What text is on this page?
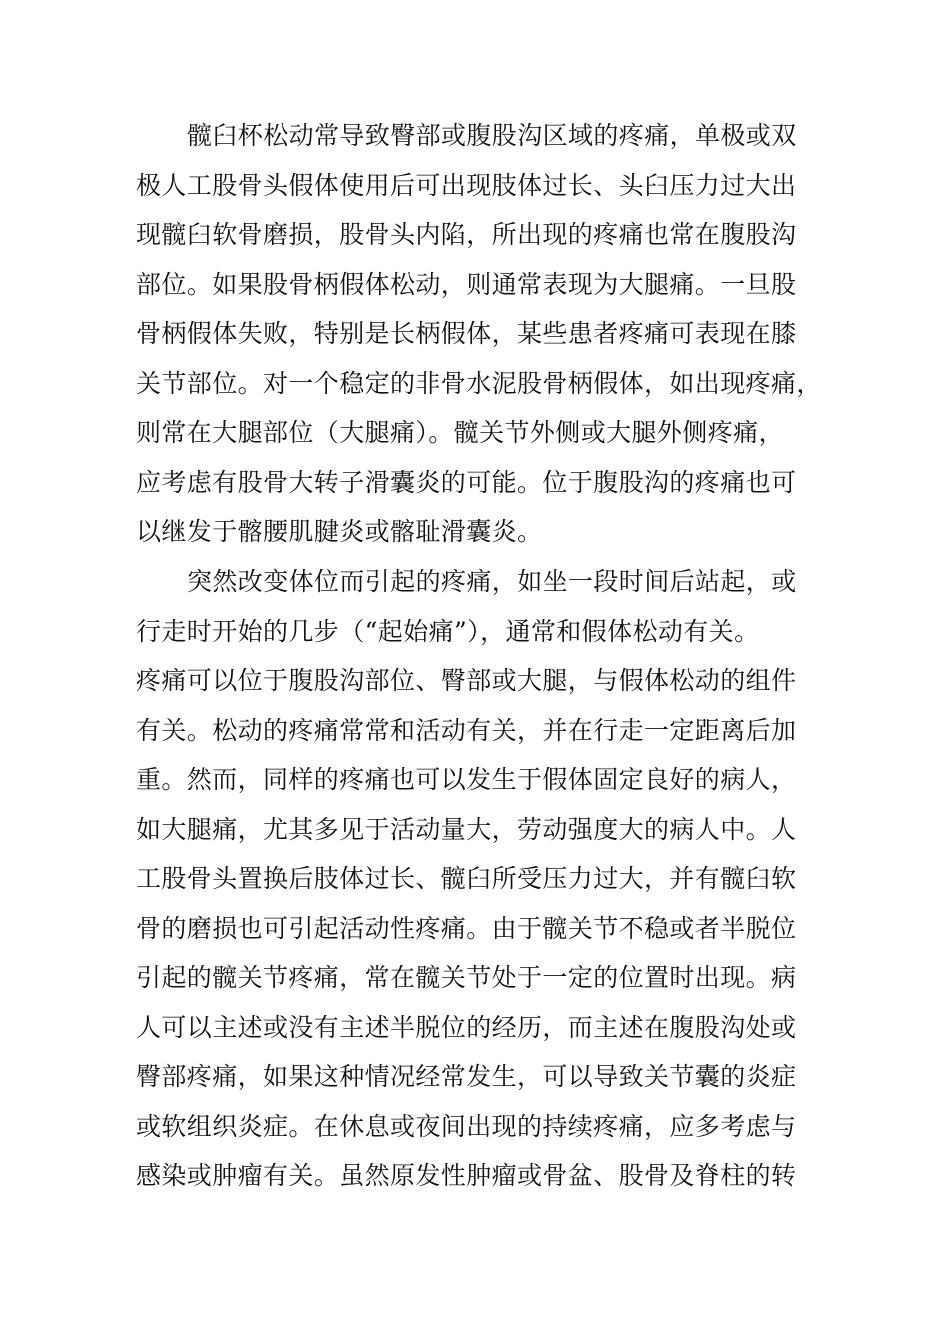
髋臼杯松动常导致臀部或腹股沟区域的疼痛，单极或双
极人工股骨头假体使用后可出现肢体过长、头臼压力过大出
现髋臼软骨磨损，股骨头内陷，所出现的疼痛也常在腹股沟
部位。如果股骨柄假体松动，则通常表现为大腿痛。一旦股
骨柄假体失败，特别是长柄假体，某些患者疼痛可表现在膝
关节部位。对一个稳定的非骨水泥股骨柄假体，如出现疼痛，
则常在大腿部位（大腿痛）。髋关节外侧或大腿外侧疼痛，
应考虑有股骨大转子滑囊炎的可能。位于腹股沟的疼痛也可
以继发于髂腰肌腱炎或髂耻滑囊炎。
突然改变体位而引起的疼痛，如坐一段时间后站起，或
行走时开始的几步（“起始痛”），通常和假体松动有关。
疼痛可以位于腹股沟部位、臀部或大腿，与假体松动的组件
有关。松动的疼痛常常和活动有关，并在行走一定距离后加
重。然而，同样的疼痛也可以发生于假体固定良好的病人，
如大腿痛，尤其多见于活动量大，劳动强度大的病人中。人
工股骨头置换后肢体过长、髋臼所受压力过大，并有髋臼软
骨的磨损也可引起活动性疼痛。由于髋关节不稳或者半脱位
引起的髋关节疼痛，常在髋关节处于一定的位置时出现。病
人可以主述或没有主述半脱位的经历，而主述在腹股沟处或
臀部疼痛，如果这种情况经常发生，可以导致关节囊的炎症
或软组织炎症。在休息或夜间出现的持续疼痛，应多考虑与
感染或肿瘤有关。虽然原发性肿瘤或骨盆、股骨及脊柱的转
